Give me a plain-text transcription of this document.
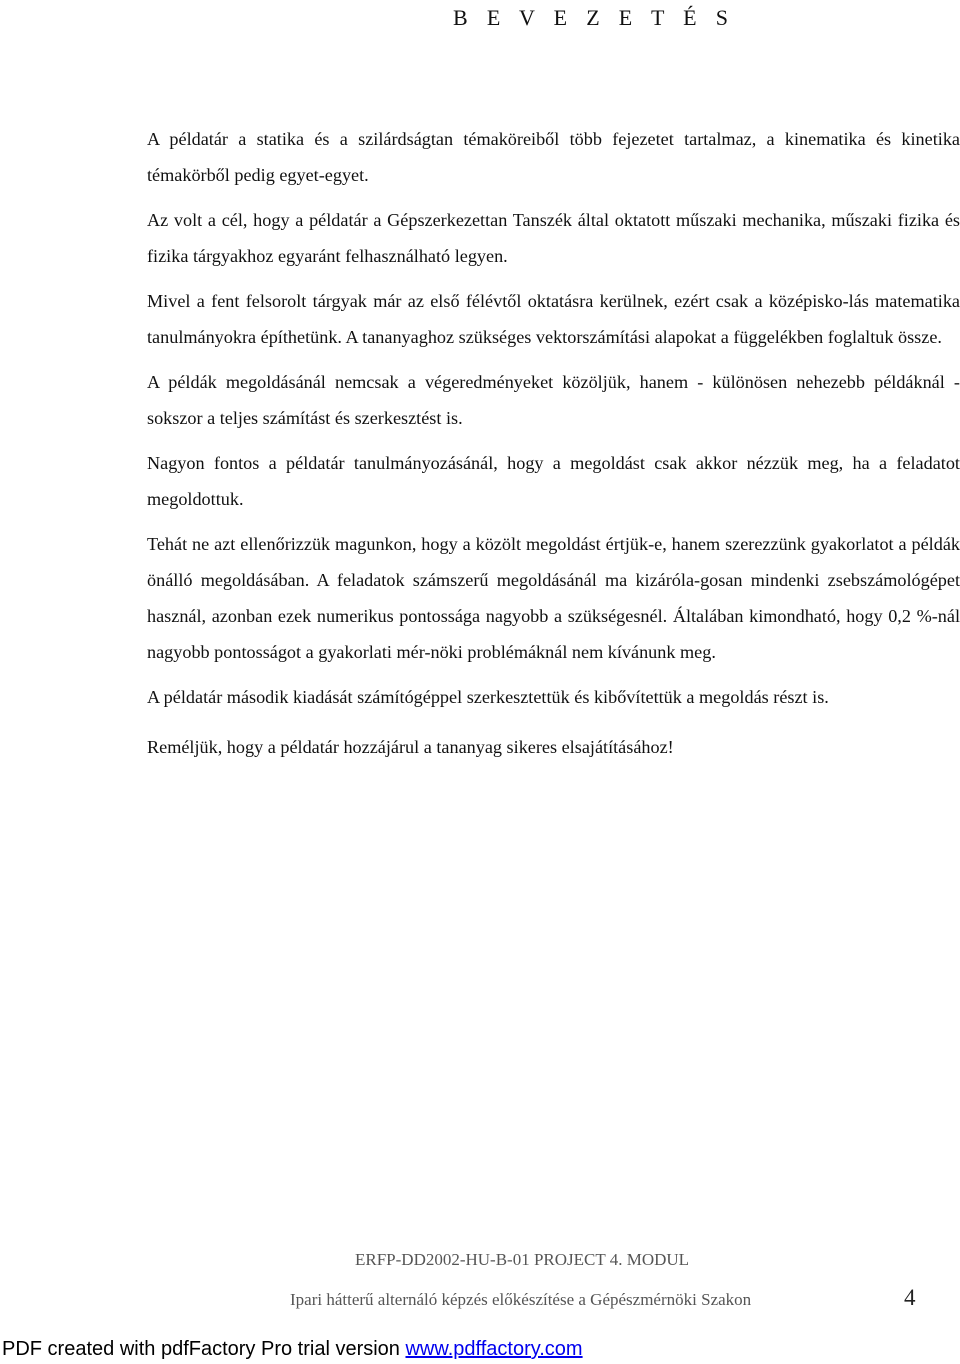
B E V E Z E T É S

A példatár a statika és a szilárdságtan témaköreiből több fejezetet tartalmaz, a kinematika és kinetika témakörből pedig egyet-egyet.

Az volt a cél, hogy a példatár a Gépszerkezettan Tanszék által oktatott műszaki mechanika, műszaki fizika és fizika tárgyakhoz egyaránt felhasználható legyen.

Mivel a fent felsorolt tárgyak már az első félévtől oktatásra kerülnek, ezért csak a középisko-lás matematika tanulmányokra építhetünk. A tananyaghoz szükséges vektorszámítási alapokat a függelékben foglaltuk össze.

A példák megoldásánál nemcsak a végeredményeket közöljük, hanem - különösen nehezebb példáknál - sokszor a teljes számítást és szerkesztést is.

Nagyon fontos a példatár tanulmányozásánál, hogy a megoldást csak akkor nézzük meg, ha a feladatot megoldottuk.

Tehát ne azt ellenőrizzük magunkon, hogy a közölt megoldást értjük-e, hanem szerezzünk gyakorlatot a példák önálló megoldásában. A feladatok számszerű megoldásánál ma kizáróla-gosan mindenki zsebszámológépet használ, azonban ezek numerikus pontossága nagyobb a szükségesnél. Általában kimondható, hogy 0,2 %-nál nagyobb pontosságot a gyakorlati mér-nöki problémáknál nem kívánunk meg.

A példatár második kiadását számítógéppel szerkesztettük és kibővítettük a megoldás részt is.

Reméljük, hogy a példatár hozzájárul a tananyag sikeres elsajátításához!

ERFP-DD2002-HU-B-01 PROJECT 4. MODUL
Ipari hátterű alternáló képzés előkészítése a Gépészmérnöki Szakon	4
PDF created with pdfFactory Pro trial version www.pdffactory.com
